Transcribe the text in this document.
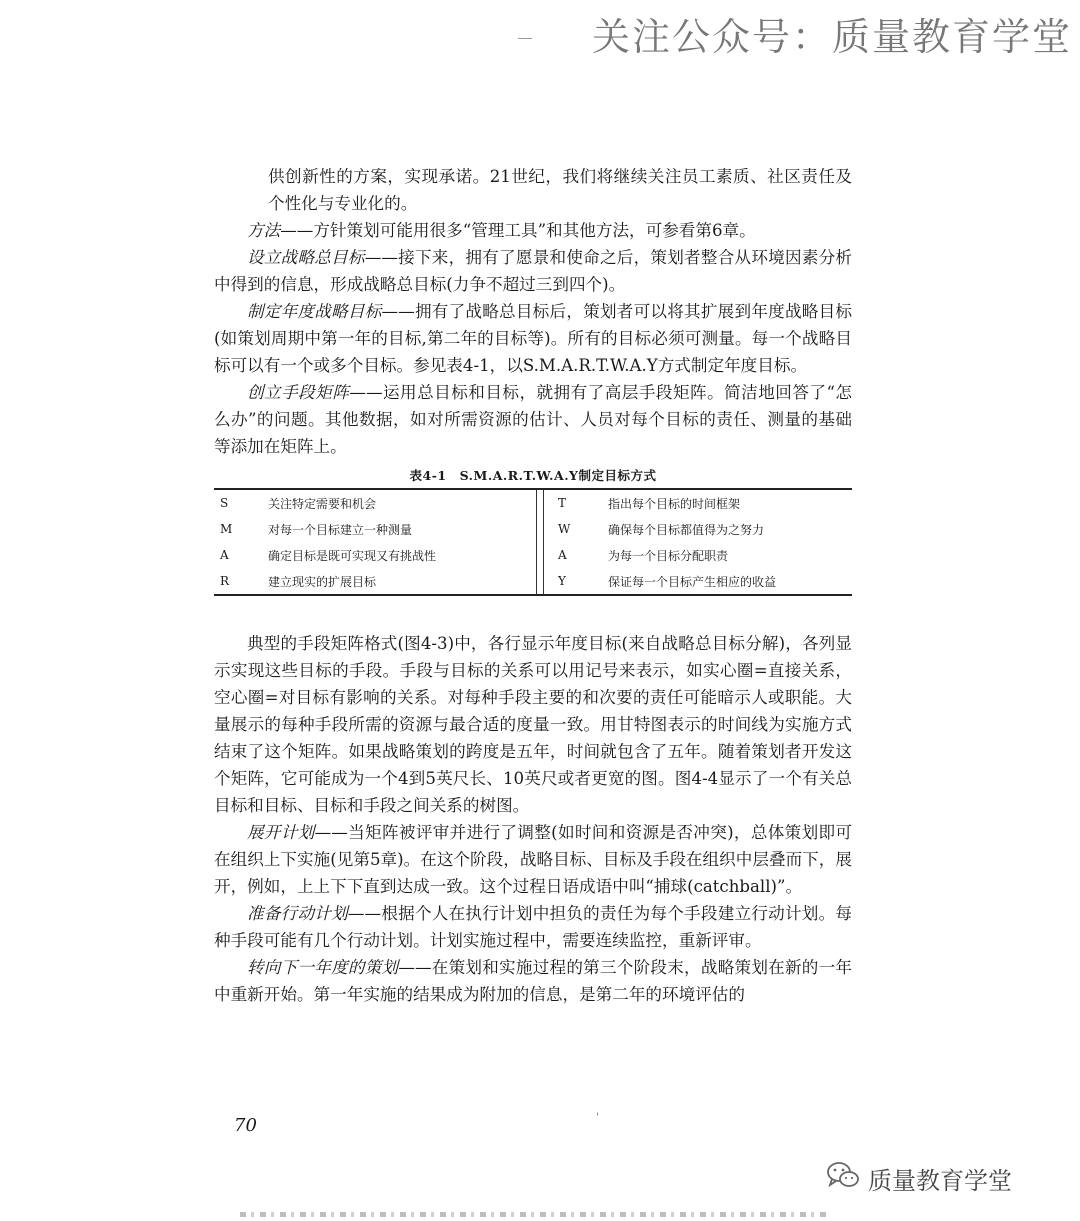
关注公众号：质量教育学堂

供创新性的方案，实现承诺。21世纪，我们将继续关注员工素质、社区责任及个性化与专业化的。

方法——方针策划可能用很多“管理工具”和其他方法，可参看第6章。

设立战略总目标——接下来，拥有了愿景和使命之后，策划者整合从环境因素分析中得到的信息，形成战略总目标(力争不超过三到四个)。

制定年度战略目标——拥有了战略总目标后，策划者可以将其扩展到年度战略目标(如策划周期中第一年的目标,第二年的目标等)。所有的目标必须可测量。每一个战略目标可以有一个或多个目标。参见表4-1，以S.M.A.R.T.W.A.Y方式制定年度目标。

创立手段矩阵——运用总目标和目标，就拥有了高层手段矩阵。简洁地回答了“怎么办”的问题。其他数据，如对所需资源的估计、人员对每个目标的责任、测量的基础等添加在矩阵上。

表4-1　S.M.A.R.T.W.A.Y制定目标方式
S	关注特定需要和机会		T	指出每个目标的时间框架
M	对每一个目标建立一种测量		W	确保每个目标都值得为之努力
A	确定目标是既可实现又有挑战性		A	为每一个目标分配职责
R	建立现实的扩展目标		Y	保证每一个目标产生相应的收益

典型的手段矩阵格式(图4-3)中，各行显示年度目标(来自战略总目标分解)，各列显示实现这些目标的手段。手段与目标的关系可以用记号来表示，如实心圈=直接关系，空心圈=对目标有影响的关系。对每种手段主要的和次要的责任可能暗示人或职能。大量展示的每种手段所需的资源与最合适的度量一致。用甘特图表示的时间线为实施方式结束了这个矩阵。如果战略策划的跨度是五年，时间就包含了五年。随着策划者开发这个矩阵，它可能成为一个4到5英尺长、10英尺或者更宽的图。图4-4显示了一个有关总目标和目标、目标和手段之间关系的树图。

展开计划——当矩阵被评审并进行了调整(如时间和资源是否冲突)，总体策划即可在组织上下实施(见第5章)。在这个阶段，战略目标、目标及手段在组织中层叠而下，展开，例如，上上下下直到达成一致。这个过程日语成语中叫“捕球(catchball)”。

准备行动计划——根据个人在执行计划中担负的责任为每个手段建立行动计划。每种手段可能有几个行动计划。计划实施过程中，需要连续监控，重新评审。

转向下一年度的策划——在策划和实施过程的第三个阶段末，战略策划在新的一年中重新开始。第一年实施的结果成为附加的信息，是第二年的环境评估的

'
70
质量教育学堂
